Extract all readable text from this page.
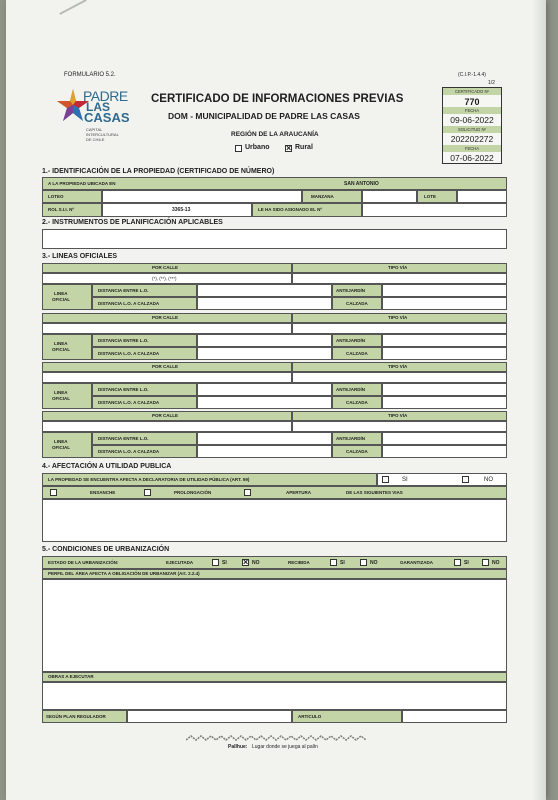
FORMULARIO 5.2.	(C.I.P.-1.4.4)
1/2
PADRE
LAS
CASAS
CAPITAL
INTERCULTURAL
DE CHILE
CERTIFICADO DE INFORMACIONES PREVIAS
DOM - MUNICIPALIDAD DE PADRE LAS CASAS
REGIÓN DE LA ARAUCANÍA
Urbano × Rural
CERTIFICADO Nº
770
FECHA
09-06-2022
SOLICITUD Nº
202202272
FECHA
07-06-2022
1.- IDENTIFICACIÓN DE LA PROPIEDAD (CERTIFICADO DE NÚMERO)
A LA PROPIEDAD UBICADA EN	SAN ANTONIO
LOTEO	MANZANA	LOTE
ROL S.I.I. Nº	3365-13	LE HA SIDO ASIGNADO EL Nº
2.- INSTRUMENTOS DE PLANIFICACIÓN APLICABLES
3.- LINEAS OFICIALES
POR CALLE	TIPO VÍA
(*), (**), (***)
LINEA
OFICIAL
DISTANCIA ENTRE L.O.	ANTEJARDÍN
DISTANCIA L.O. A CALZADA	CALZADA
POR CALLE	TIPO VÍA
LINEA
OFICIAL
DISTANCIA ENTRE L.O.	ANTEJARDÍN
DISTANCIA L.O. A CALZADA	CALZADA
POR CALLE	TIPO VÍA
LINEA
OFICIAL
DISTANCIA ENTRE L.O.	ANTEJARDÍN
DISTANCIA L.O. A CALZADA	CALZADA
POR CALLE	TIPO VÍA
LINEA
OFICIAL
DISTANCIA ENTRE L.O.	ANTEJARDÍN
DISTANCIA L.O. A CALZADA	CALZADA
4.- AFECTACIÓN A UTILIDAD PUBLICA
LA PROPIEDAD SE ENCUENTRA AFECTA A DECLARATORIA DE UTILIDAD PÚBLICA (ART. 59)	SI	NO
ENSANCHE	PROLONGACIÓN	APERTURA	DE LAS SIGUIENTES VIAS
5.- CONDICIONES DE URBANIZACIÓN
ESTADO DE LA URBANIZACIÓN:	EJECUTADA	SI × NO	RECIBIDA	SI	NO	GARANTIZADA	SI	NO
PERFIL DEL ÁREA AFECTA A OBLIGACIÓN DE URBANIZAR (Art. 2.2.4)
OBRAS A EJECUTAR
SEGÚN PLAN REGULADOR	ARTICULO
Pallhue: Lugar donde se juega al palín
